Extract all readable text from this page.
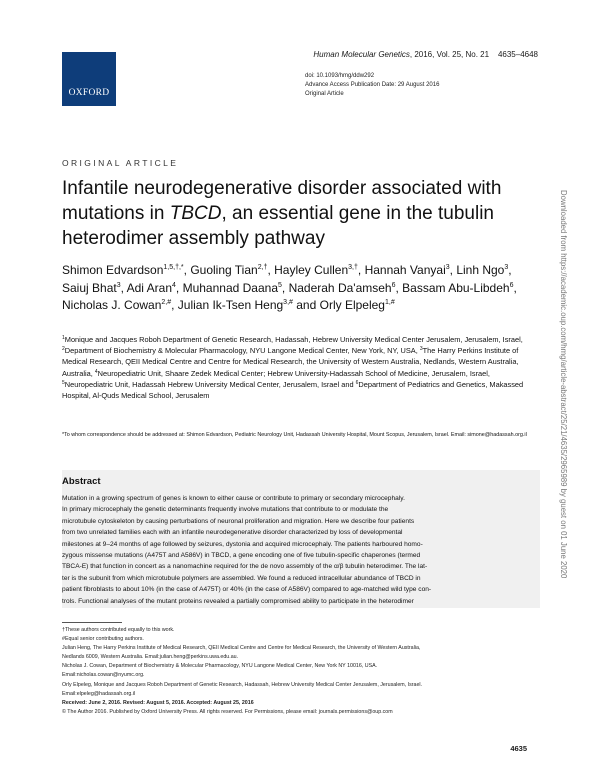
OXFORD
Human Molecular Genetics, 2016, Vol. 25, No. 21 4635–4648
doi: 10.1093/hmg/ddw292
Advance Access Publication Date: 29 August 2016
Original Article
ORIGINAL ARTICLE
Infantile neurodegenerative disorder associated with mutations in TBCD, an essential gene in the tubulin heterodimer assembly pathway
Shimon Edvardson$^{1,5,\dagger,*}$, Guoling Tian$^{2,\dagger}$, Hayley Cullen$^{3,\dagger}$, Hannah Vanyai$^3$, Linh Ngo$^3$, Saiuj Bhat$^3$, Adi Aran$^4$, Muhannad Daana$^5$, Naderah Da'amseh$^6$, Bassam Abu-Libdeh$^6$, Nicholas J. Cowan$^{2,\#}$, Julian Ik-Tsen Heng$^{3,\#}$ and Orly Elpeleg$^{1,\#}$
$^1$Monique and Jacques Roboh Department of Genetic Research, Hadassah, Hebrew University Medical Center Jerusalem, Jerusalem, Israel, $^2$Department of Biochemistry & Molecular Pharmacology, NYU Langone Medical Center, New York, NY, USA, $^3$The Harry Perkins Institute of Medical Research, QEII Medical Centre and Centre for Medical Research, the University of Western Australia, Nedlands, Western Australia, Australia, $^4$Neuropediatric Unit, Shaare Zedek Medical Center; Hebrew University-Hadassah School of Medicine, Jerusalem, Israel, $^5$Neuropediatric Unit, Hadassah Hebrew University Medical Center, Jerusalem, Israel and $^6$Department of Pediatrics and Genetics, Makassed Hospital, Al-Quds Medical School, Jerusalem
*To whom correspondence should be addressed at: Shimon Edvardson, Pediatric Neurology Unit, Hadassah University Hospital, Mount Scopus, Jerusalem, Israel. Email: simone@hadassah.org.il
Abstract
Mutation in a growing spectrum of genes is known to either cause or contribute to primary or secondary microcephaly.
In primary microcephaly the genetic determinants frequently involve mutations that contribute to or modulate the
microtubule cytoskeleton by causing perturbations of neuronal proliferation and migration. Here we describe four patients
from two unrelated families each with an infantile neurodegenerative disorder characterized by loss of developmental
milestones at 9–24 months of age followed by seizures, dystonia and acquired microcephaly. The patients harboured homo-
zygous missense mutations (A475T and A586V) in TBCD, a gene encoding one of five tubulin-specific chaperones (termed
TBCA-E) that function in concert as a nanomachine required for the de novo assembly of the α/β tubulin heterodimer. The lat-
ter is the subunit from which microtubule polymers are assembled. We found a reduced intracellular abundance of TBCD in
patient fibroblasts to about 10% (in the case of A475T) or 40% (in the case of A586V) compared to age-matched wild type con-
trols. Functional analyses of the mutant proteins revealed a partially compromised ability to participate in the heterodimer
†These authors contributed equally to this work.
#Equal senior contributing authors.
Julian Heng, The Harry Perkins Institute of Medical Research, QEII Medical Centre and Centre for Medical Research, the University of Western Australia,
Nedlands 6009, Western Australia. Email:julian.heng@perkins.uwa.edu.au.
Nicholas J. Cowan, Department of Biochemistry & Molecular Pharmacology, NYU Langone Medical Center, New York NY 10016, USA.
Email:nicholas.cowan@nyumc.org.
Orly Elpeleg, Monique and Jacques Roboh Department of Genetic Research, Hadassah, Hebrew University Medical Center Jerusalem, Jerusalem, Israel.
Email:elpeleg@hadassah.org.il
Received: June 2, 2016. Revised: August 5, 2016. Accepted: August 25, 2016
© The Author 2016. Published by Oxford University Press. All rights reserved. For Permissions, please email: journals.permissions@oup.com
4635
Downloaded from https://academic.oup.com/hmg/article-abstract/25/21/4635/2965989 by guest on 01 June 2020
